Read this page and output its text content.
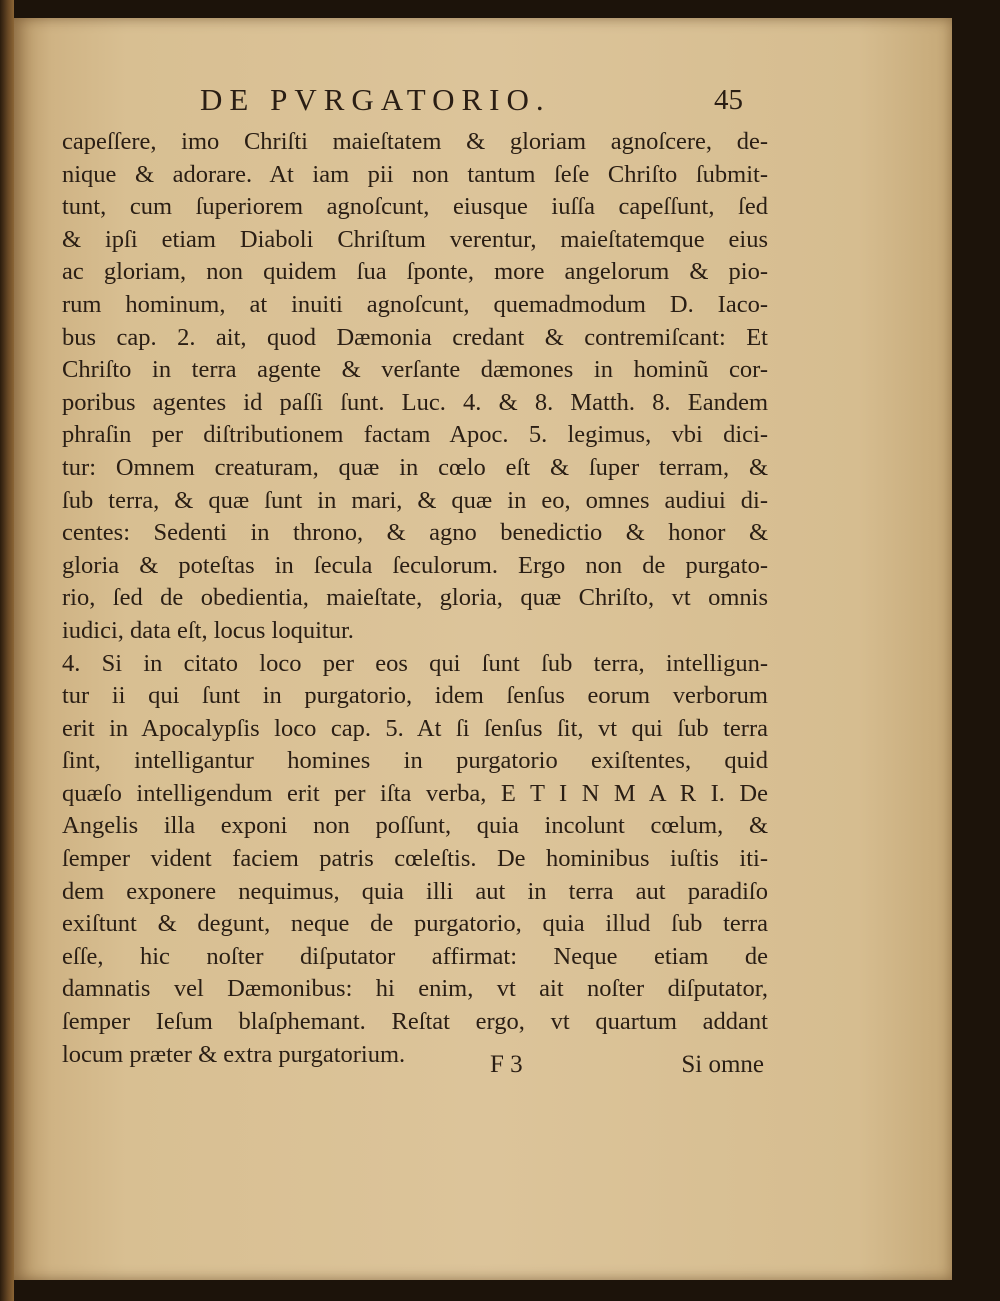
DE PVRGATORIO.	45
capeſſere, imo Chriſti maieſtatem & gloriam agnoſcere, de-
nique & adorare. At iam pii non tantum ſeſe Chriſto ſubmit-
tunt, cum ſuperiorem agnoſcunt, eiusque iuſſa capeſſunt, ſed
& ipſi etiam Diaboli Chriſtum verentur, maieſtatemque eius
ac gloriam, non quidem ſua ſponte, more angelorum & pio-
rum hominum, at inuiti agnoſcunt, quemadmodum D. Iaco-
bus cap. 2. ait, quod Dæmonia credant & contremiſcant: Et
Chriſto in terra agente & verſante dæmones in hominũ cor-
poribus agentes id paſſi ſunt. Luc. 4. & 8. Matth. 8. Eandem
phraſin per diſtributionem factam Apoc. 5. legimus, vbi dici-
tur: Omnem creaturam, quæ in cœlo eſt & ſuper terram, &
ſub terra, & quæ ſunt in mari, & quæ in eo, omnes audiui di-
centes: Sedenti in throno, & agno benedictio & honor &
gloria & poteſtas in ſecula ſeculorum. Ergo non de purgato-
rio, ſed de obedientia, maieſtate, gloria, quæ Chriſto, vt omnis
iudici, data eſt, locus loquitur.
4. Si in citato loco per eos qui ſunt ſub terra, intelligun-
tur ii qui ſunt in purgatorio, idem ſenſus eorum verborum
erit in Apocalypſis loco cap. 5. At ſi ſenſus ſit, vt qui ſub terra
ſint, intelligantur homines in purgatorio exiſtentes, quid
quæſo intelligendum erit per iſta verba, E T I N M A R I. De
Angelis illa exponi non poſſunt, quia incolunt cœlum, &
ſemper vident faciem patris cœleſtis. De hominibus iuſtis iti-
dem exponere nequimus, quia illi aut in terra aut paradiſo
exiſtunt & degunt, neque de purgatorio, quia illud ſub terra
eſſe, hic noſter diſputator affirmat: Neque etiam de
damnatis vel Dæmonibus: hi enim, vt ait noſter diſputator,
ſemper Ieſum blaſphemant. Reſtat ergo, vt quartum addant
locum præter & extra purgatorium.	F 3	Si omne
